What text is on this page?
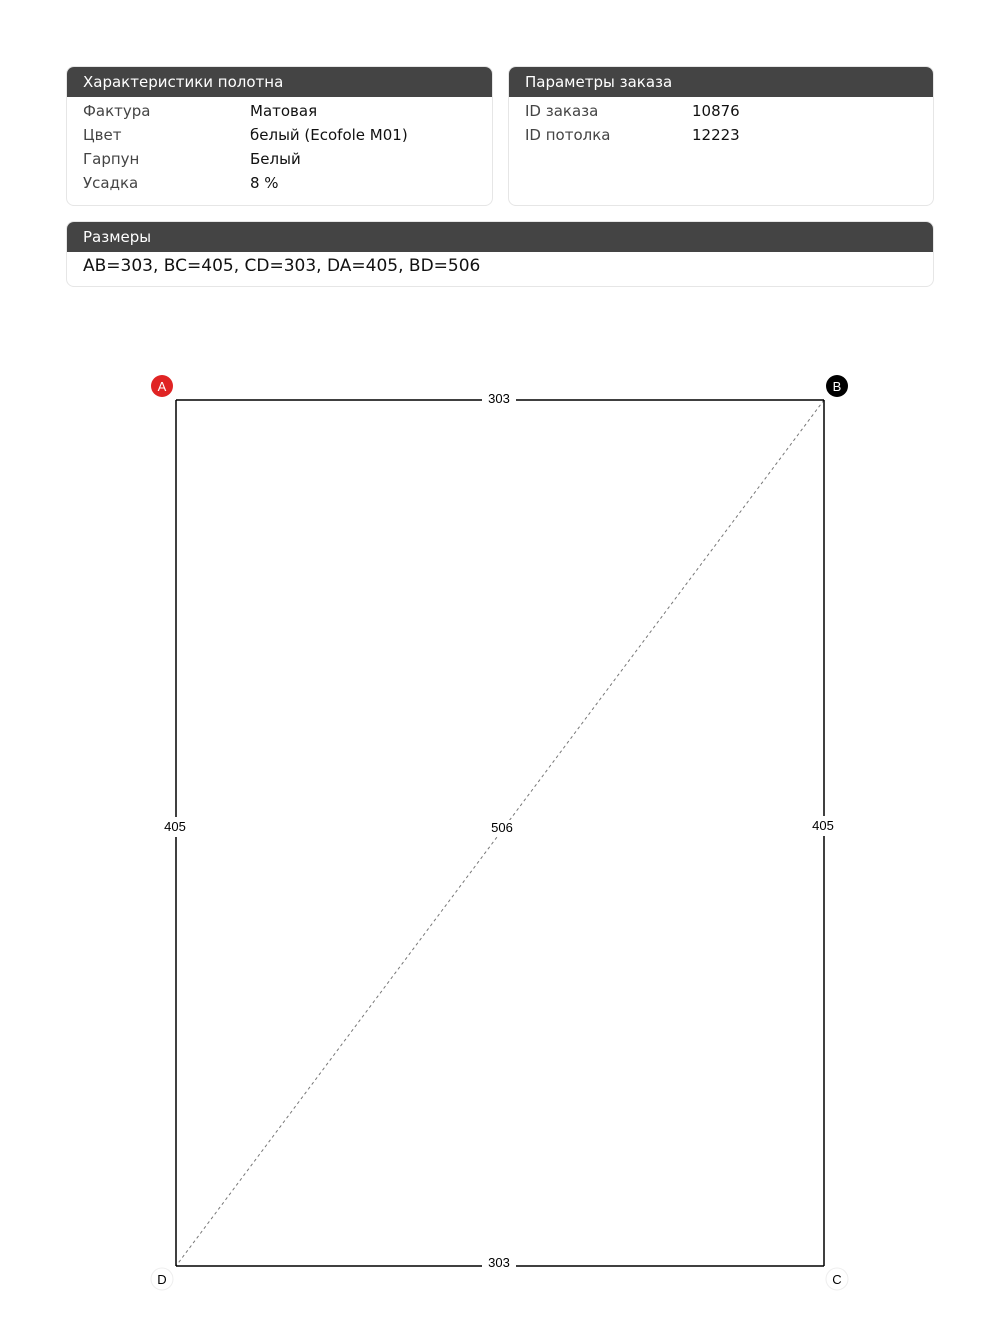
Характеристики полотна
Фактура	Матовая
Цвет	белый (Ecofole M01)
Гарпун	Белый
Усадка	8 %
Параметры заказа
ID заказа	10876
ID потолка	12223
Размеры
AB=303, BC=405, CD=303, DA=405, BD=506
303
405
303
405	506
A	B
C
D
